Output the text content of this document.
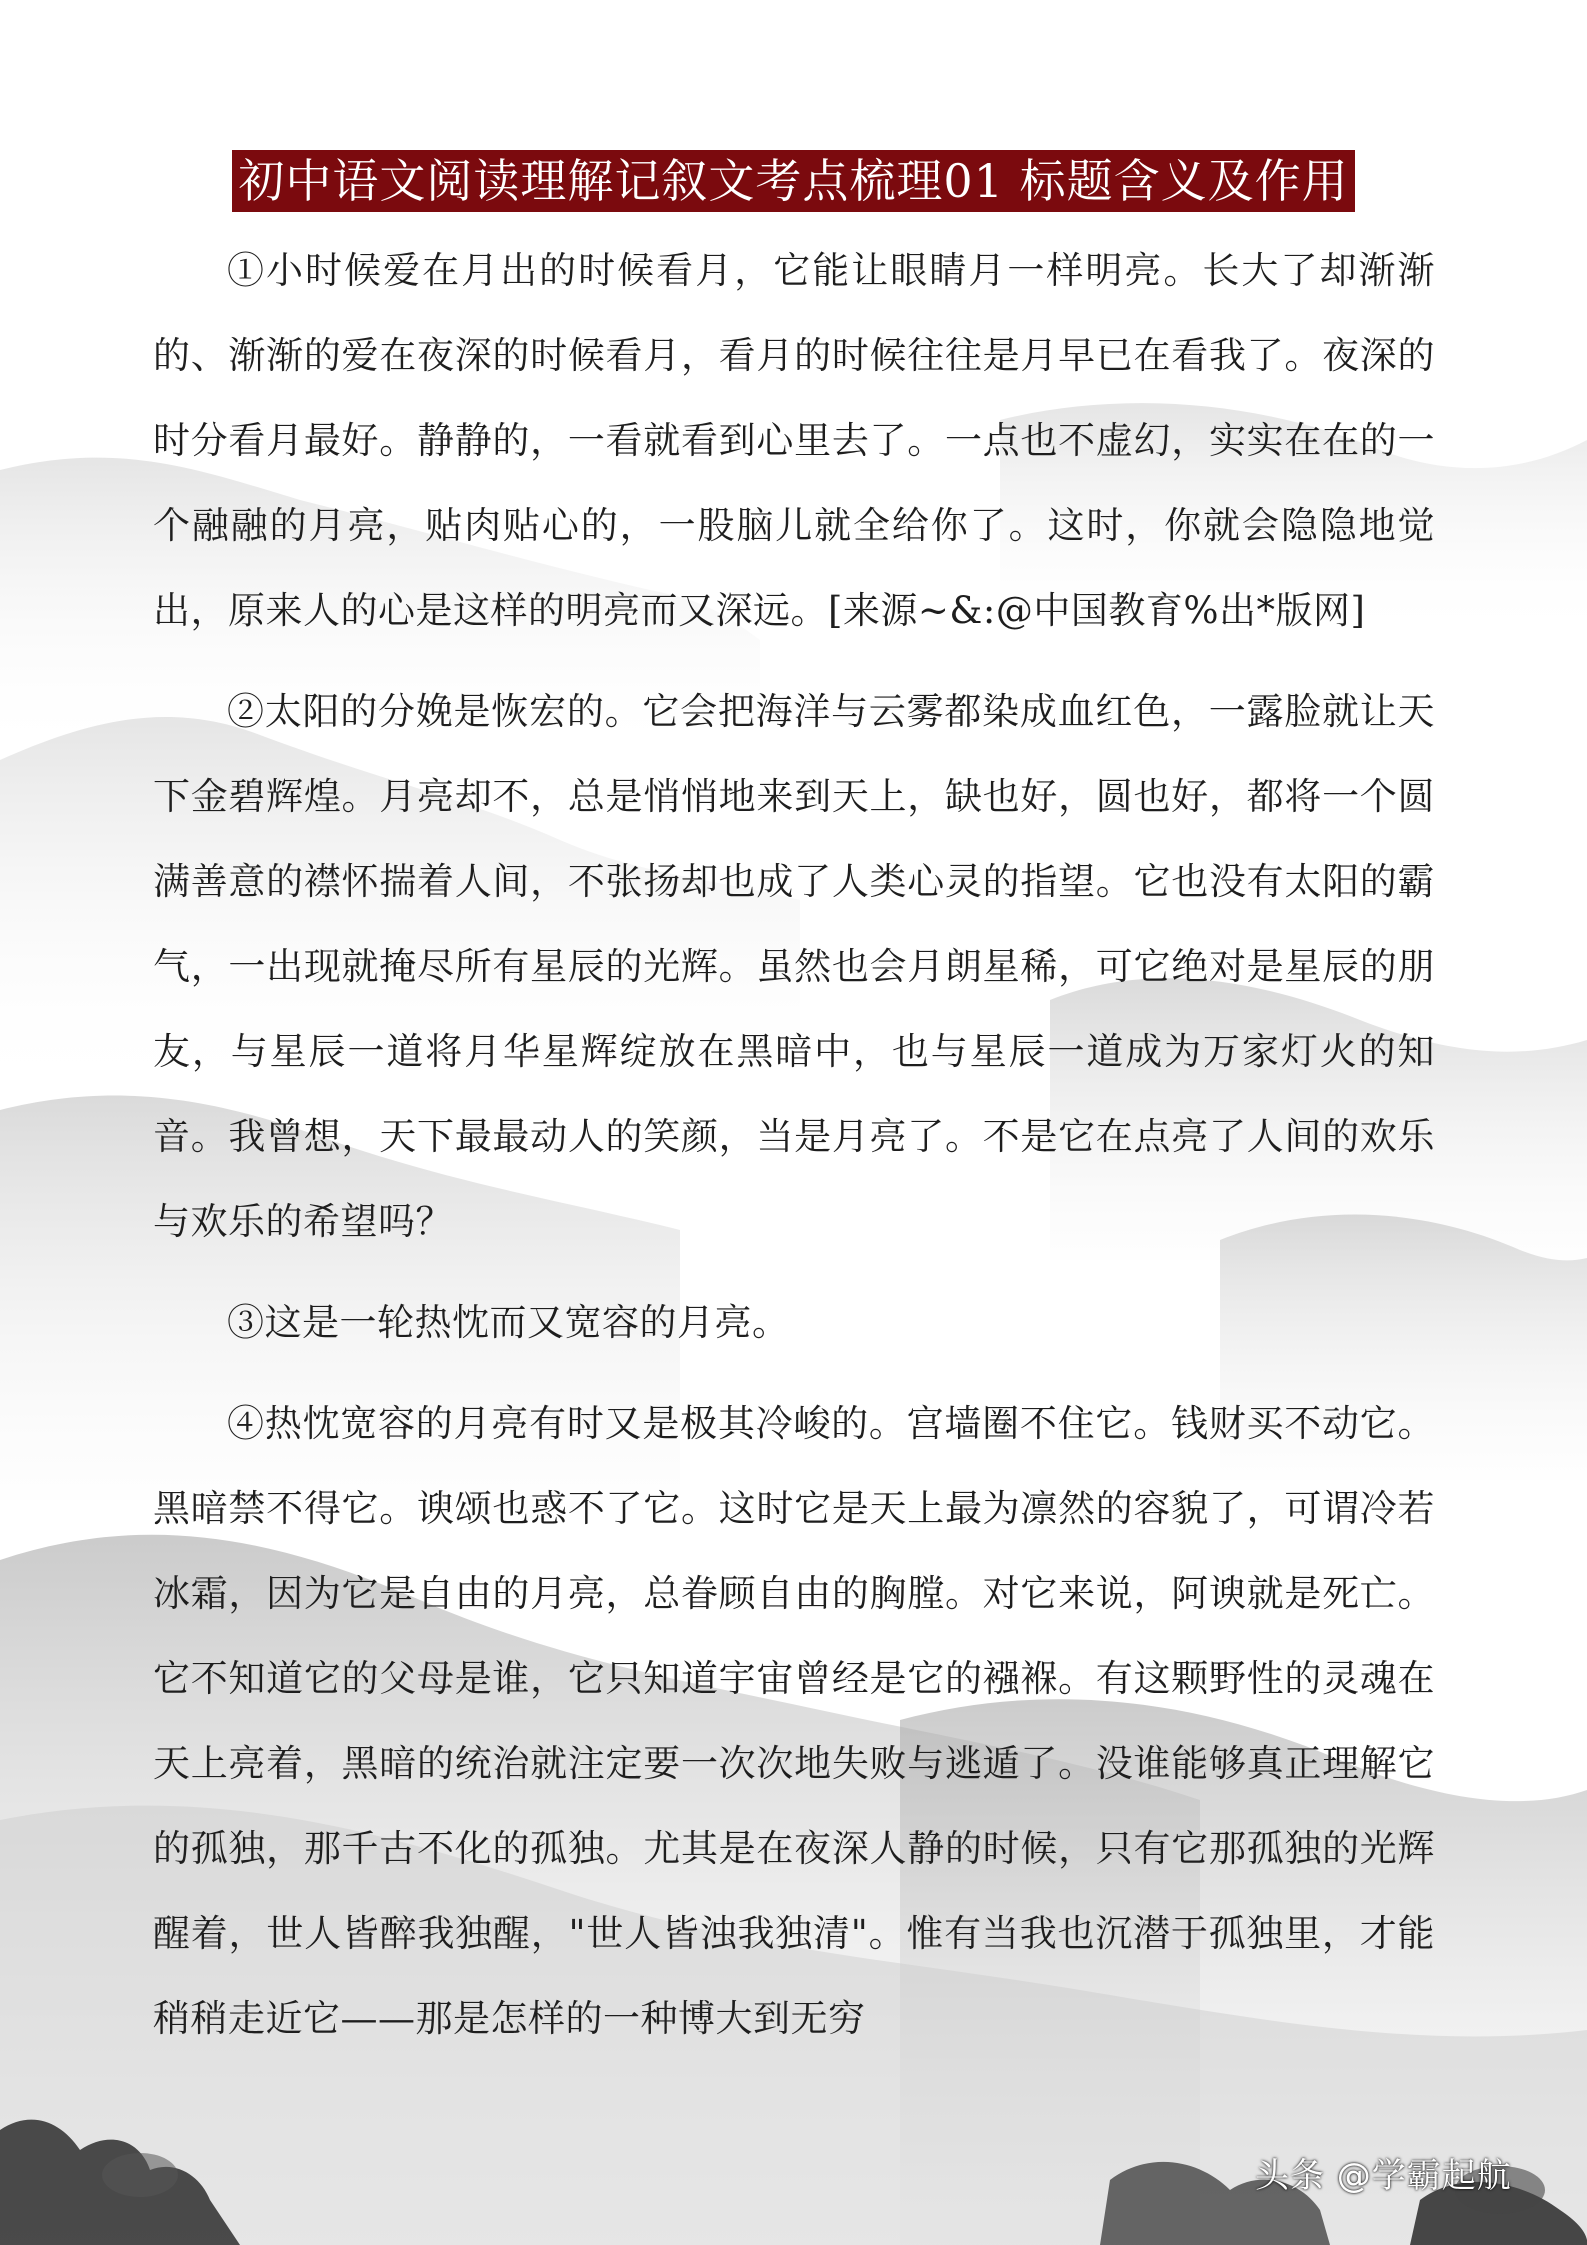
初中语文阅读理解记叙文考点梳理01 标题含义及作用

①小时候爱在月出的时候看月，它能让眼睛月一样明亮。长大了却渐渐的、渐渐的爱在夜深的时候看月，看月的时候往往是月早已在看我了。夜深的时分看月最好。静静的，一看就看到心里去了。一点也不虚幻，实实在在的一个融融的月亮，贴肉贴心的，一股脑儿就全给你了。这时，你就会隐隐地觉出，原来人的心是这样的明亮而又深远。[来源~&:@中国教育%出*版网]

②太阳的分娩是恢宏的。它会把海洋与云雾都染成血红色，一露脸就让天下金碧辉煌。月亮却不，总是悄悄地来到天上，缺也好，圆也好，都将一个圆满善意的襟怀揣着人间，不张扬却也成了人类心灵的指望。它也没有太阳的霸气，一出现就掩尽所有星辰的光辉。虽然也会月朗星稀，可它绝对是星辰的朋友，与星辰一道将月华星辉绽放在黑暗中，也与星辰一道成为万家灯火的知音。我曾想，天下最最动人的笑颜，当是月亮了。不是它在点亮了人间的欢乐与欢乐的希望吗？

③这是一轮热忱而又宽容的月亮。

④热忱宽容的月亮有时又是极其冷峻的。宫墙圈不住它。钱财买不动它。黑暗禁不得它。谀颂也惑不了它。这时它是天上最为凛然的容貌了，可谓冷若冰霜，因为它是自由的月亮，总眷顾自由的胸膛。对它来说，阿谀就是死亡。它不知道它的父母是谁，它只知道宇宙曾经是它的襁褓。有这颗野性的灵魂在天上亮着，黑暗的统治就注定要一次次地失败与逃遁了。没谁能够真正理解它的孤独，那千古不化的孤独。尤其是在夜深人静的时候，只有它那孤独的光辉醒着，世人皆醉我独醒，"世人皆浊我独清"。惟有当我也沉潜于孤独里，才能稍稍走近它——那是怎样的一种博大到无穷

头条 @学霸起航
